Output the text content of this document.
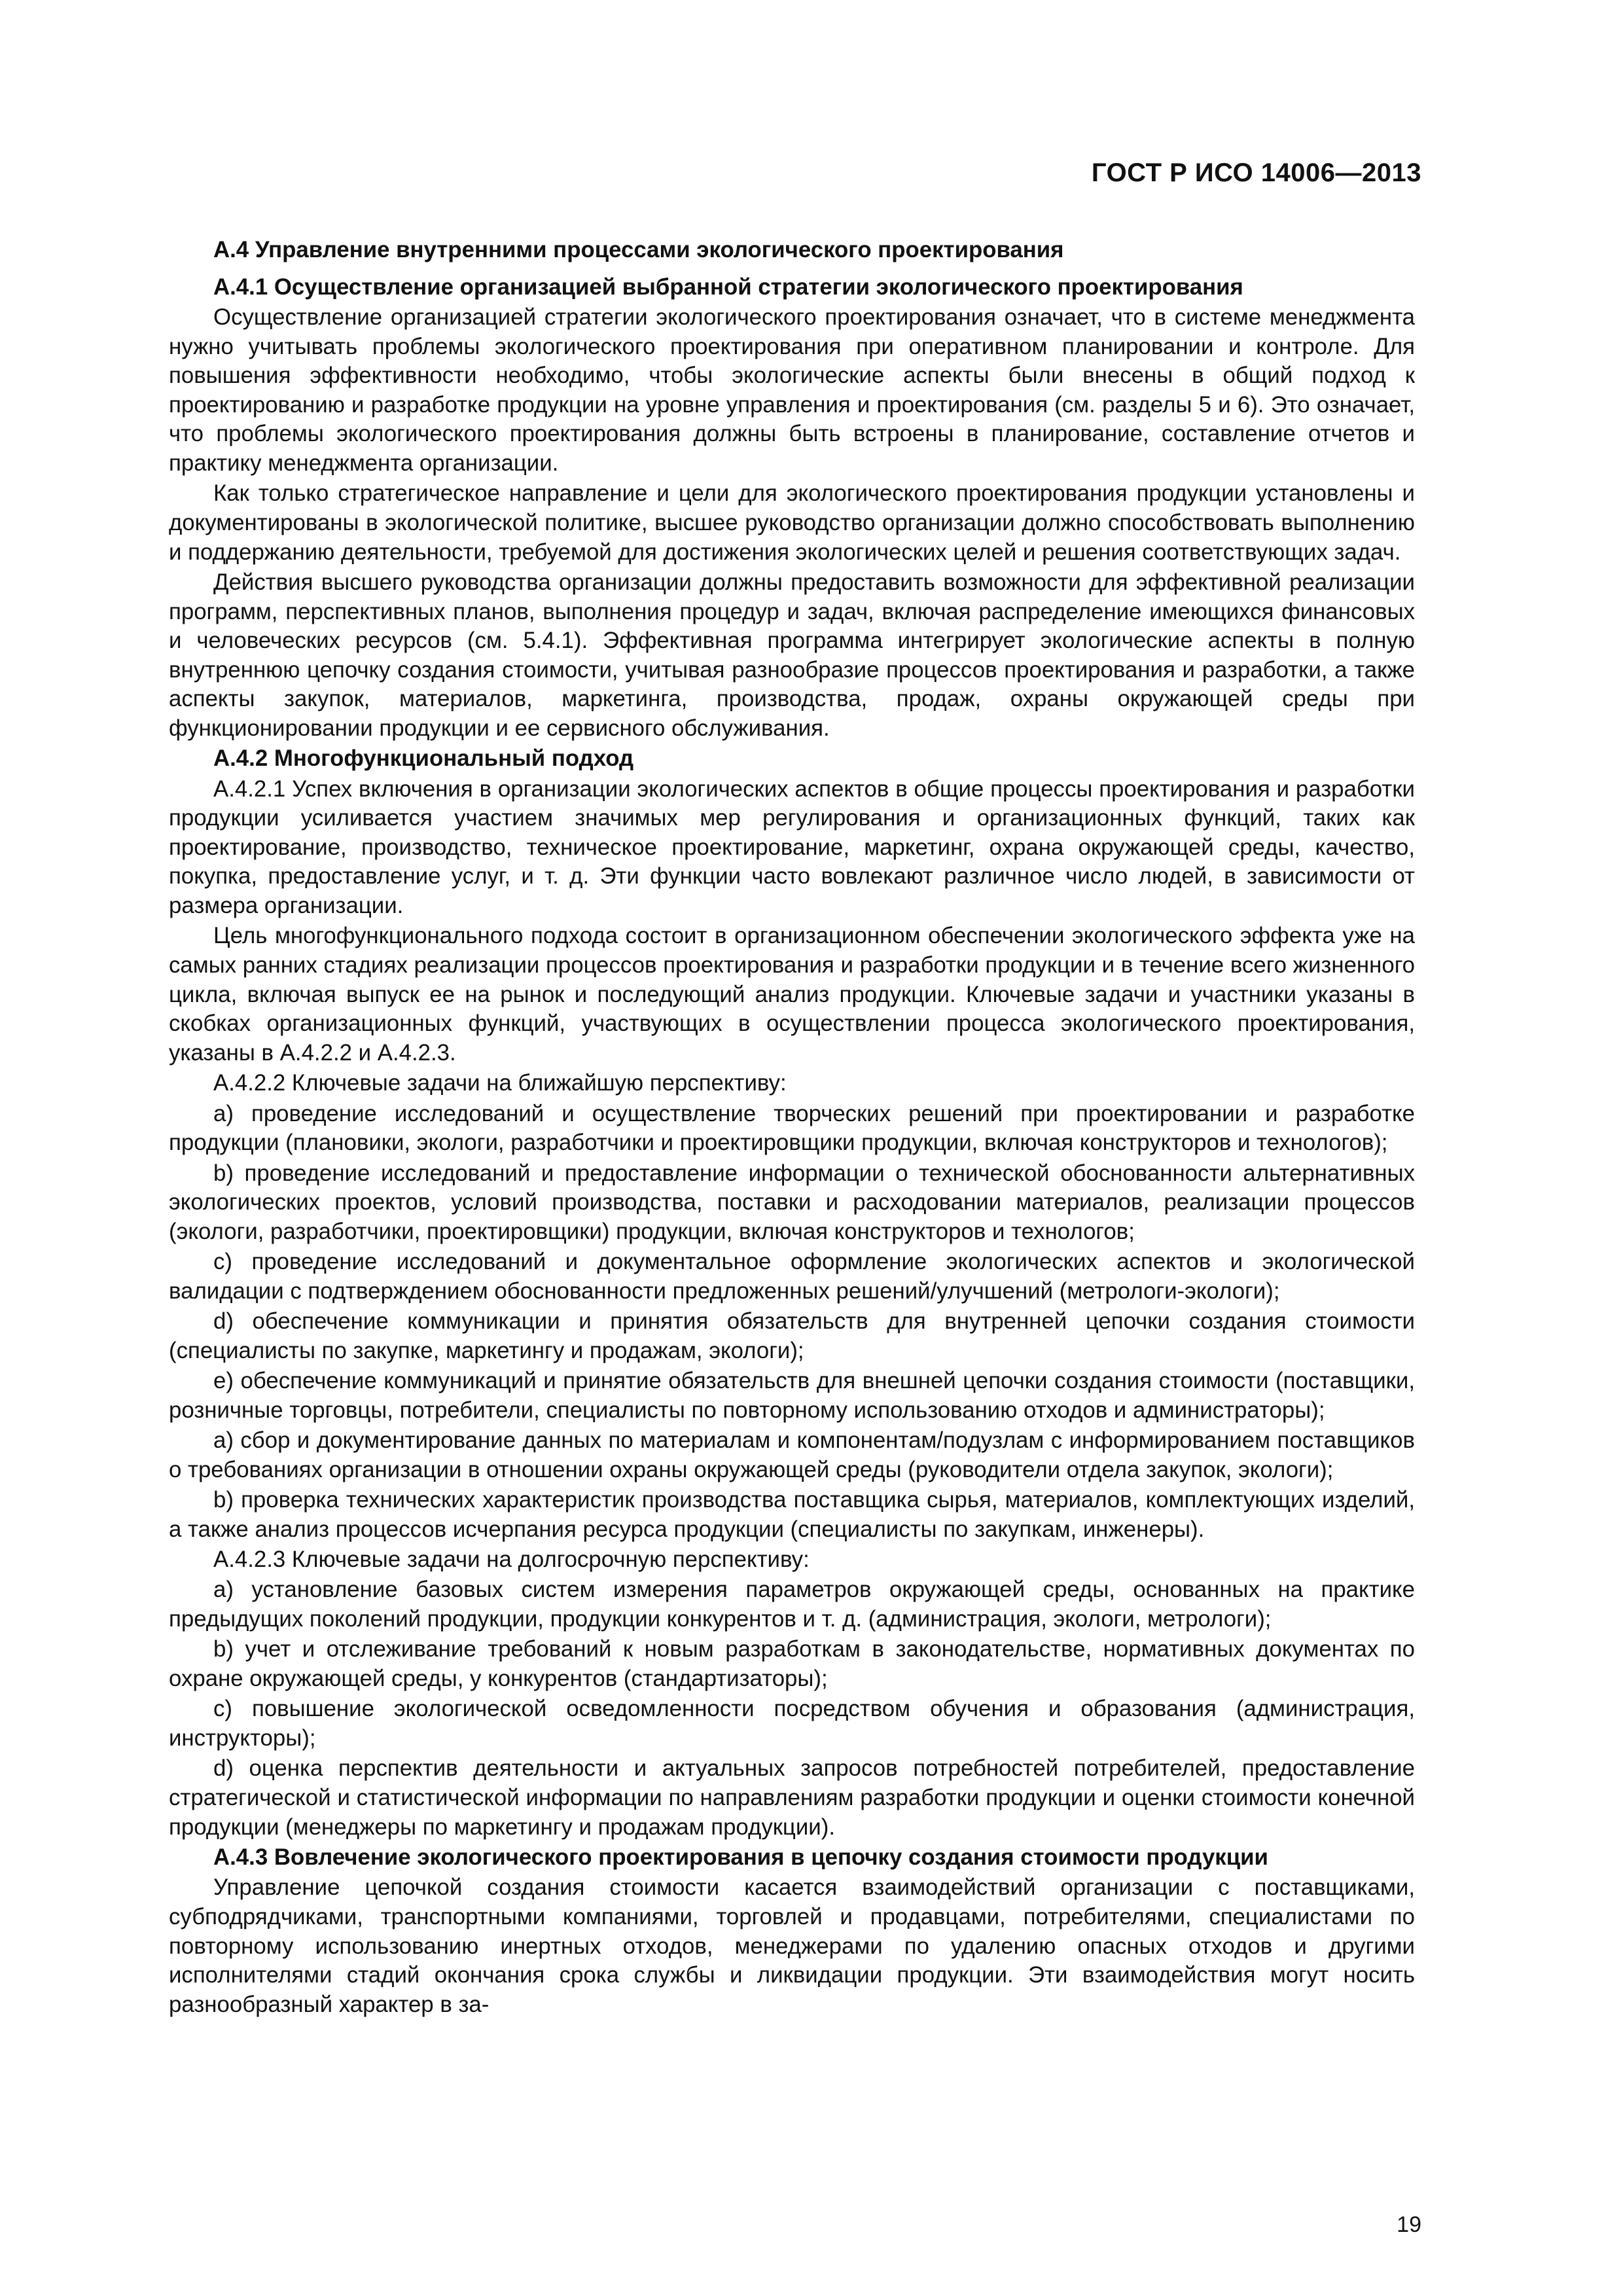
ГОСТ Р ИСО 14006—2013
А.4 Управление внутренними процессами экологического проектирования
А.4.1 Осуществление организацией выбранной стратегии экологического проектирования

Осуществление организацией стратегии экологического проектирования означает, что в системе менеджмента нужно учитывать проблемы экологического проектирования при оперативном планировании и контроле. Для повышения эффективности необходимо, чтобы экологические аспекты были внесены в общий подход к проектированию и разработке продукции на уровне управления и проектирования (см. разделы 5 и 6). Это означает, что проблемы экологического проектирования должны быть встроены в планирование, составление отчетов и практику менеджмента организации.

Как только стратегическое направление и цели для экологического проектирования продукции установлены и документированы в экологической политике, высшее руководство организации должно способствовать выполнению и поддержанию деятельности, требуемой для достижения экологических целей и решения соответствующих задач.

Действия высшего руководства организации должны предоставить возможности для эффективной реализации программ, перспективных планов, выполнения процедур и задач, включая распределение имеющихся финансовых и человеческих ресурсов (см. 5.4.1). Эффективная программа интегрирует экологические аспекты в полную внутреннюю цепочку создания стоимости, учитывая разнообразие процессов проектирования и разработки, а также аспекты закупок, материалов, маркетинга, производства, продаж, охраны окружающей среды при функционировании продукции и ее сервисного обслуживания.

А.4.2 Многофункциональный подход

А.4.2.1 Успех включения в организации экологических аспектов в общие процессы проектирования и разработки продукции усиливается участием значимых мер регулирования и организационных функций, таких как проектирование, производство, техническое проектирование, маркетинг, охрана окружающей среды, качество, покупка, предоставление услуг, и т. д. Эти функции часто вовлекают различное число людей, в зависимости от размера организации.

Цель многофункционального подхода состоит в организационном обеспечении экологического эффекта уже на самых ранних стадиях реализации процессов проектирования и разработки продукции и в течение всего жизненного цикла, включая выпуск ее на рынок и последующий анализ продукции. Ключевые задачи и участники указаны в скобках организационных функций, участвующих в осуществлении процесса экологического проектирования, указаны в А.4.2.2 и А.4.2.3.

А.4.2.2 Ключевые задачи на ближайшую перспективу:

а) проведение исследований и осуществление творческих решений при проектировании и разработке продукции (плановики, экологи, разработчики и проектировщики продукции, включая конструкторов и технологов);

b) проведение исследований и предоставление информации о технической обоснованности альтернативных экологических проектов, условий производства, поставки и расходовании материалов, реализации процессов (экологи, разработчики, проектировщики) продукции, включая конструкторов и технологов;

с) проведение исследований и документальное оформление экологических аспектов и экологической валидации с подтверждением обоснованности предложенных решений/улучшений (метрологи-экологи);

d) обеспечение коммуникации и принятия обязательств для внутренней цепочки создания стоимости (специалисты по закупке, маркетингу и продажам, экологи);

е) обеспечение коммуникаций и принятие обязательств для внешней цепочки создания стоимости (поставщики, розничные торговцы, потребители, специалисты по повторному использованию отходов и администраторы);

а) сбор и документирование данных по материалам и компонентам/подузлам с информированием поставщиков о требованиях организации в отношении охраны окружающей среды (руководители отдела закупок, экологи);

b) проверка технических характеристик производства поставщика сырья, материалов, комплектующих изделий, а также анализ процессов исчерпания ресурса продукции (специалисты по закупкам, инженеры).

А.4.2.3 Ключевые задачи на долгосрочную перспективу:

а) установление базовых систем измерения параметров окружающей среды, основанных на практике предыдущих поколений продукции, продукции конкурентов и т. д. (администрация, экологи, метрологи);

b) учет и отслеживание требований к новым разработкам в законодательстве, нормативных документах по охране окружающей среды, у конкурентов (стандартизаторы);

с) повышение экологической осведомленности посредством обучения и образования (администрация, инструкторы);

d) оценка перспектив деятельности и актуальных запросов потребностей потребителей, предоставление стратегической и статистической информации по направлениям разработки продукции и оценки стоимости конечной продукции (менеджеры по маркетингу и продажам продукции).

А.4.3 Вовлечение экологического проектирования в цепочку создания стоимости продукции

Управление цепочкой создания стоимости касается взаимодействий организации с поставщиками, субподрядчиками, транспортными компаниями, торговлей и продавцами, потребителями, специалистами по повторному использованию инертных отходов, менеджерами по удалению опасных отходов и другими исполнителями стадий окончания срока службы и ликвидации продукции. Эти взаимодействия могут носить разнообразный характер в за-

19
